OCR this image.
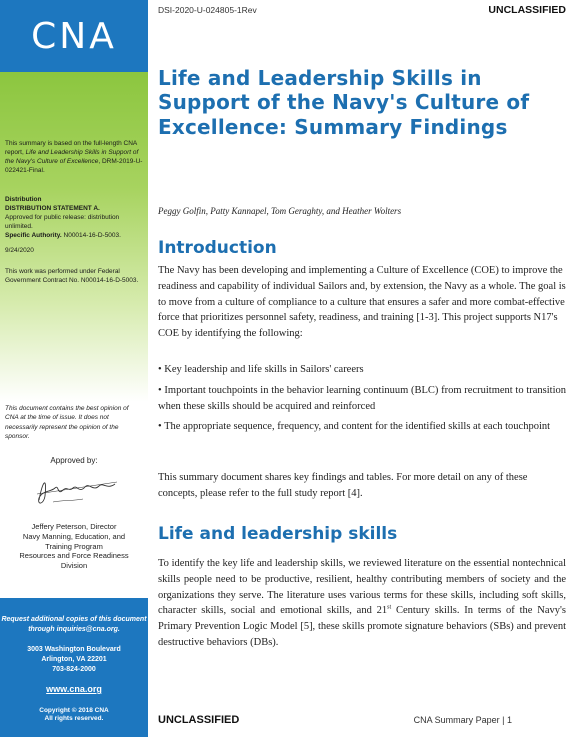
CNA
This summary is based on the full-length CNA report, Life and Leadership Skills in Support of the Navy's Culture of Excellence, DRM-2019-U-022421-Final.
Distribution
DISTRIBUTION STATEMENT A.
Approved for public release: distribution unlimited.
Specific Authority. N00014-16-D-5003.
9/24/2020
This work was performed under Federal Government Contract No. N00014-16-D-5003.
This document contains the best opinion of CNA at the time of issue. It does not necessarily represent the opinion of the sponsor.
Approved by:
Jeffery Peterson, Director
Navy Manning, Education, and
Training Program
Resources and Force Readiness
Division
Request additional copies of this document through inquiries@cna.org.
3003 Washington Boulevard
Arlington, VA 22201
703-824-2000
www.cna.org
Copyright © 2018 CNA
All rights reserved.
DSI-2020-U-024805-1Rev	UNCLASSIFIED
Life and Leadership Skills in Support of the Navy's Culture of Excellence: Summary Findings
Peggy Golfin, Patty Kannapel, Tom Geraghty, and Heather Wolters
Introduction

The Navy has been developing and implementing a Culture of Excellence (COE) to improve the readiness and capability of individual Sailors and, by extension, the Navy as a whole. The goal is to move from a culture of compliance to a culture that ensures a safer and more combat-effective force that prioritizes personnel safety, readiness, and training [1-3]. This project supports N17's COE by identifying the following:

• Key leadership and life skills in Sailors' careers
• Important touchpoints in the behavior learning continuum (BLC) from recruitment to transition when these skills should be acquired and reinforced
• The appropriate sequence, frequency, and content for the identified skills at each touchpoint

This summary document shares key findings and tables. For more detail on any of these concepts, please refer to the full study report [4].

Life and leadership skills

To identify the key life and leadership skills, we reviewed literature on the essential nontechnical skills people need to be productive, resilient, healthy contributing members of society and the organizations they serve. The literature uses various terms for these skills, including soft skills, character skills, social and emotional skills, and 21st Century skills. In terms of the Navy's Primary Prevention Logic Model [5], these skills promote signature behaviors (SBs) and prevent destructive behaviors (DBs).

UNCLASSIFIED	CNA Summary Paper | 1
